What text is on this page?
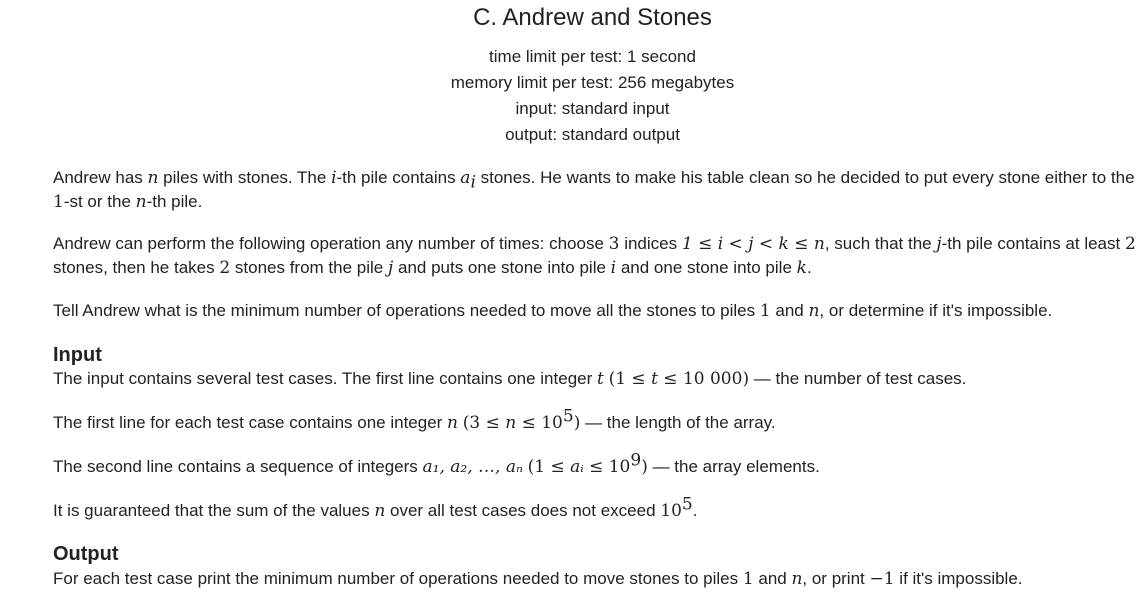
C. Andrew and Stones
time limit per test: 1 second
memory limit per test: 256 megabytes
input: standard input
output: standard output

Andrew has n piles with stones. The i-th pile contains $a_i$ stones. He wants to make his table clean so he decided to put every stone either to the 1-st or the n-th pile.

Andrew can perform the following operation any number of times: choose 3 indices 1 ≤ i < j < k ≤ n, such that the j-th pile contains at least 2 stones, then he takes 2 stones from the pile j and puts one stone into pile i and one stone into pile k.

Tell Andrew what is the minimum number of operations needed to move all the stones to piles 1 and n, or determine if it's impossible.

Input

The input contains several test cases. The first line contains one integer t (1 ≤ t ≤ 10 000) — the number of test cases.

The first line for each test case contains one integer n $(3 \le n \le 10^5)$ — the length of the array.

The second line contains a sequence of integers a₁, a₂, …, aₙ (1 ≤ aᵢ ≤ $10^9$) — the array elements.

It is guaranteed that the sum of the values n over all test cases does not exceed $10^5$.

Output

For each test case print the minimum number of operations needed to move stones to piles 1 and n, or print −1 if it's impossible.
